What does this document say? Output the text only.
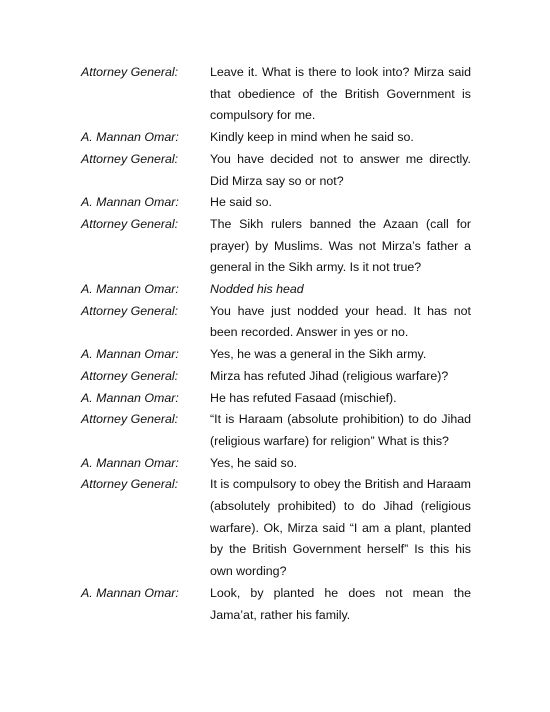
Attorney General:	Leave it. What is there to look into? Mirza said that obedience of the British Government is compulsory for me.
A. Mannan Omar:	Kindly keep in mind when he said so.
Attorney General:	You have decided not to answer me directly. Did Mirza say so or not?
A. Mannan Omar:	He said so.
Attorney General:	The Sikh rulers banned the Azaan (call for prayer) by Muslims. Was not Mirza’s father a general in the Sikh army. Is it not true?
A. Mannan Omar:	Nodded his head
Attorney General:	You have just nodded your head. It has not been recorded. Answer in yes or no.
A. Mannan Omar:	Yes, he was a general in the Sikh army.
Attorney General:	Mirza has refuted Jihad (religious warfare)?
A. Mannan Omar:	He has refuted Fasaad (mischief).
Attorney General:	“It is Haraam (absolute prohibition) to do Jihad (religious warfare) for religion” What is this?
A. Mannan Omar:	Yes, he said so.
Attorney General:	It is compulsory to obey the British and Haraam (absolutely prohibited) to do Jihad (religious warfare). Ok, Mirza said “I am a plant, planted by the British Government herself” Is this his own wording?
A. Mannan Omar:	Look, by planted he does not mean the Jama’at, rather his family.
